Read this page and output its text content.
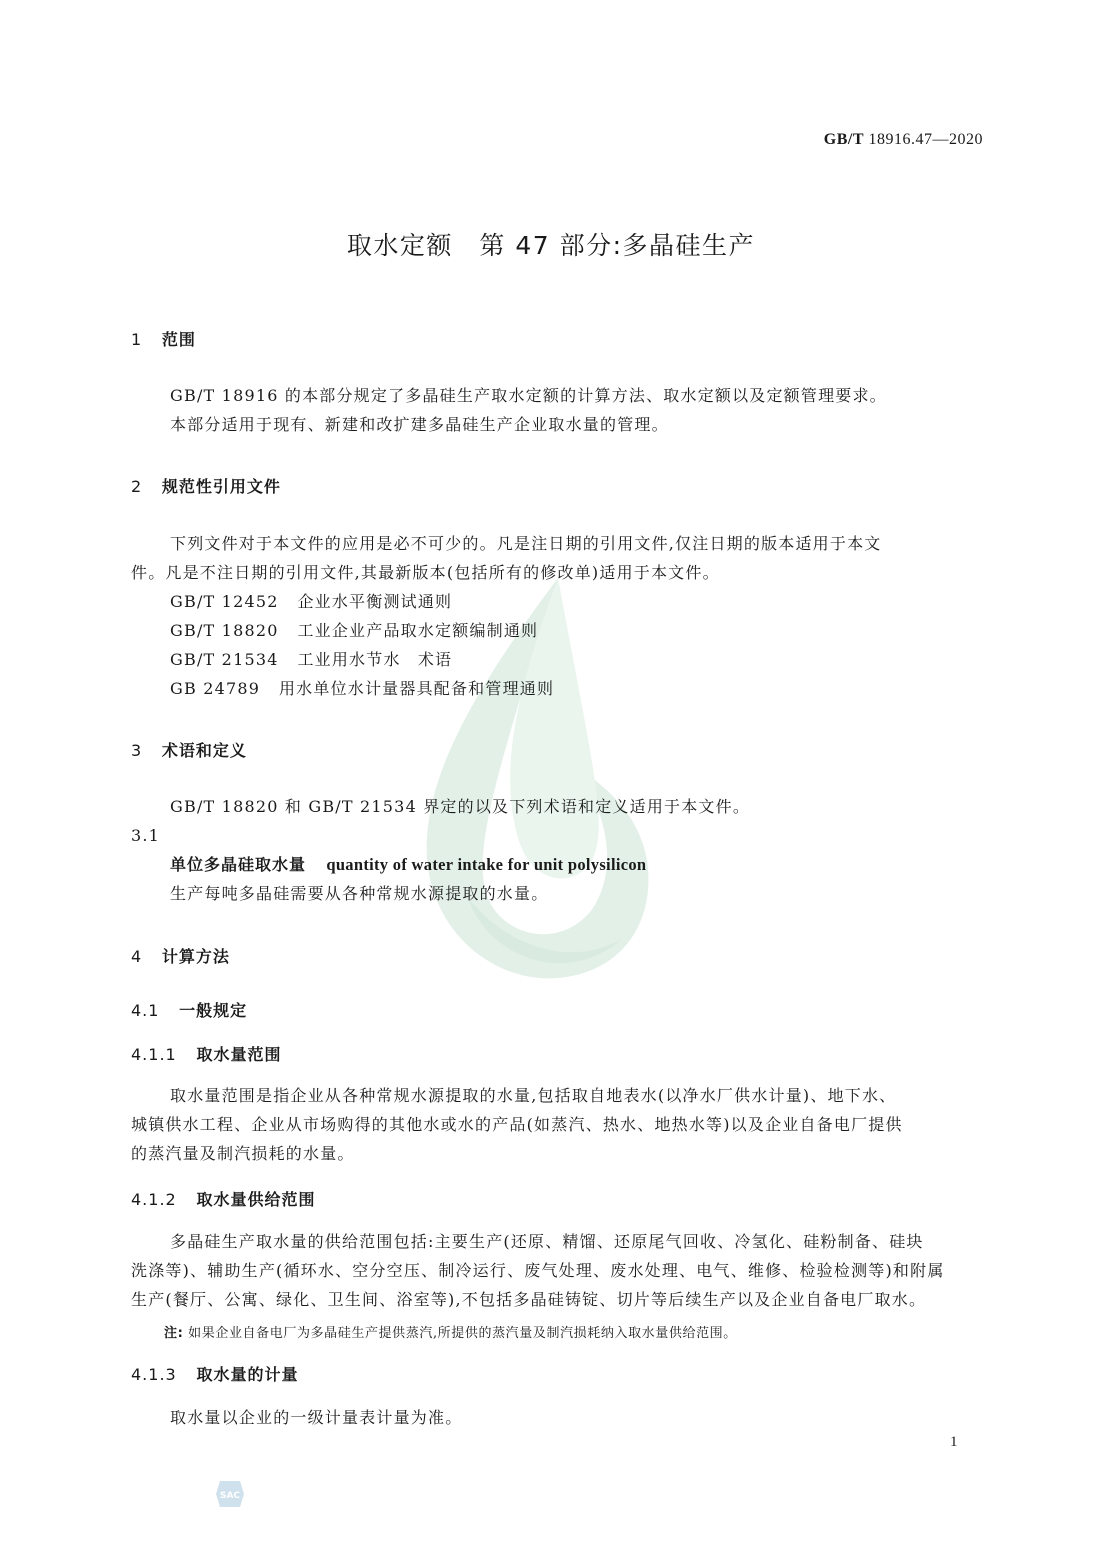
GB/T 18916.47—2020
取水定额　第 47 部分:多晶硅生产
1 范围
GB/T 18916 的本部分规定了多晶硅生产取水定额的计算方法、取水定额以及定额管理要求。
本部分适用于现有、新建和改扩建多晶硅生产企业取水量的管理。
2 规范性引用文件
下列文件对于本文件的应用是必不可少的。凡是注日期的引用文件,仅注日期的版本适用于本文
件。凡是不注日期的引用文件,其最新版本(包括所有的修改单)适用于本文件。
GB/T 12452 企业水平衡测试通则
GB/T 18820 工业企业产品取水定额编制通则
GB/T 21534 工业用水节水　术语
GB 24789 用水单位水计量器具配备和管理通则
3 术语和定义
GB/T 18820 和 GB/T 21534 界定的以及下列术语和定义适用于本文件。
3.1
单位多晶硅取水量 quantity of water intake for unit polysilicon
生产每吨多晶硅需要从各种常规水源提取的水量。
4 计算方法
4.1 一般规定
4.1.1 取水量范围
取水量范围是指企业从各种常规水源提取的水量,包括取自地表水(以净水厂供水计量)、地下水、
城镇供水工程、企业从市场购得的其他水或水的产品(如蒸汽、热水、地热水等)以及企业自备电厂提供
的蒸汽量及制汽损耗的水量。
4.1.2 取水量供给范围
多晶硅生产取水量的供给范围包括:主要生产(还原、精馏、还原尾气回收、冷氢化、硅粉制备、硅块
洗涤等)、辅助生产(循环水、空分空压、制冷运行、废气处理、废水处理、电气、维修、检验检测等)和附属
生产(餐厅、公寓、绿化、卫生间、浴室等),不包括多晶硅铸锭、切片等后续生产以及企业自备电厂取水。
注: 如果企业自备电厂为多晶硅生产提供蒸汽,所提供的蒸汽量及制汽损耗纳入取水量供给范围。
4.1.3 取水量的计量
取水量以企业的一级计量表计量为准。
1
SAC
